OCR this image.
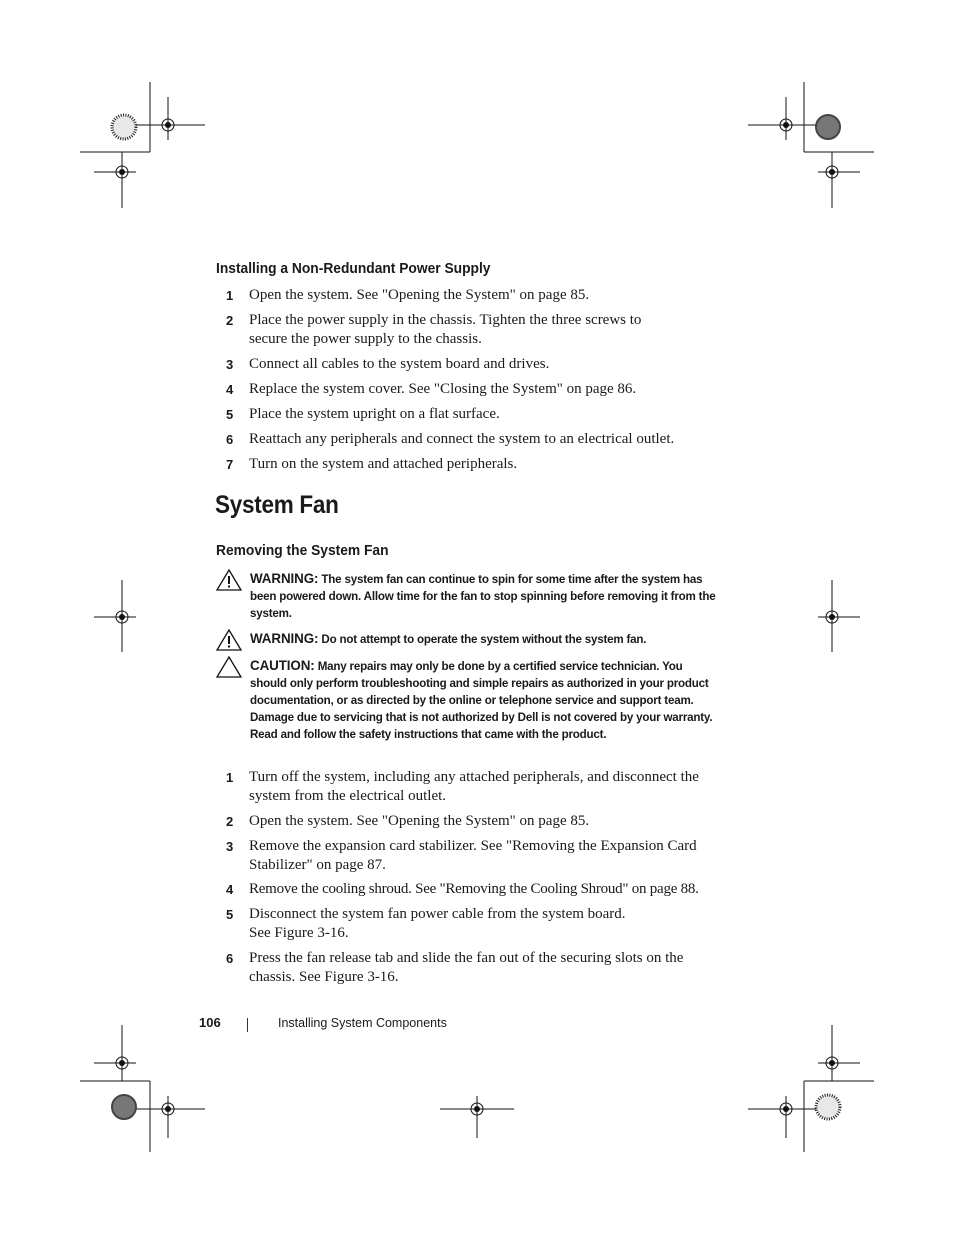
Installing a Non-Redundant Power Supply
1 Open the system. See "Opening the System" on page 85.
2 Place the power supply in the chassis. Tighten the three screws to secure the power supply to the chassis.
3 Connect all cables to the system board and drives.
4 Replace the system cover. See "Closing the System" on page 86.
5 Place the system upright on a flat surface.
6 Reattach any peripherals and connect the system to an electrical outlet.
7 Turn on the system and attached peripherals.
System Fan
Removing the System Fan
WARNING: The system fan can continue to spin for some time after the system has been powered down. Allow time for the fan to stop spinning before removing it from the system.
WARNING: Do not attempt to operate the system without the system fan.
CAUTION: Many repairs may only be done by a certified service technician. You should only perform troubleshooting and simple repairs as authorized in your product documentation, or as directed by the online or telephone service and support team. Damage due to servicing that is not authorized by Dell is not covered by your warranty. Read and follow the safety instructions that came with the product.
1 Turn off the system, including any attached peripherals, and disconnect the system from the electrical outlet.
2 Open the system. See "Opening the System" on page 85.
3 Remove the expansion card stabilizer. See "Removing the Expansion Card Stabilizer" on page 87.
4 Remove the cooling shroud. See "Removing the Cooling Shroud" on page 88.
5 Disconnect the system fan power cable from the system board. See Figure 3-16.
6 Press the fan release tab and slide the fan out of the securing slots on the chassis. See Figure 3-16.
106	Installing System Components
